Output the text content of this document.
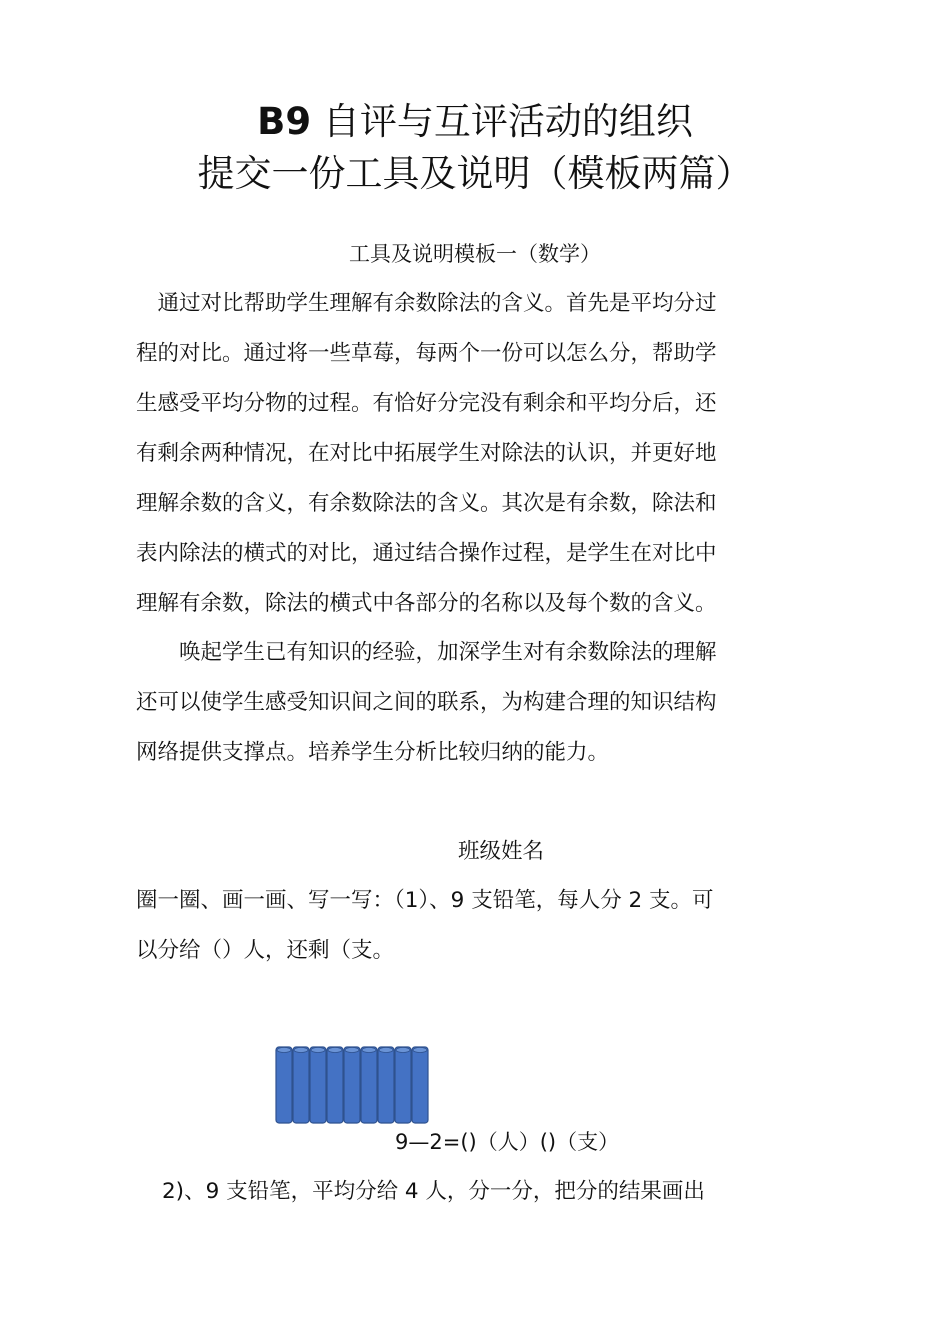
B9 自评与互评活动的组织
提交一份工具及说明（模板两篇）
工具及说明模板一（数学）
　通过对比帮助学生理解有余数除法的含义。首先是平均分过
程的对比。通过将一些草莓，每两个一份可以怎么分，帮助学
生感受平均分物的过程。有恰好分完没有剩余和平均分后，还
有剩余两种情况，在对比中拓展学生对除法的认识，并更好地
理解余数的含义，有余数除法的含义。其次是有余数，除法和
表内除法的横式的对比，通过结合操作过程，是学生在对比中
理解有余数，除法的横式中各部分的名称以及每个数的含义。
　　唤起学生已有知识的经验，加深学生对有余数除法的理解
还可以使学生感受知识间之间的联系，为构建合理的知识结构
网络提供支撑点。培养学生分析比较归纳的能力。
班级姓名
圈一圈、画一画、写一写：（1）、9 支铅笔，每人分 2 支。可
以分给（）人，还剩（支。
9—2=()（人）()（支）
2)、9 支铅笔，平均分给 4 人，分一分，把分的结果画出
